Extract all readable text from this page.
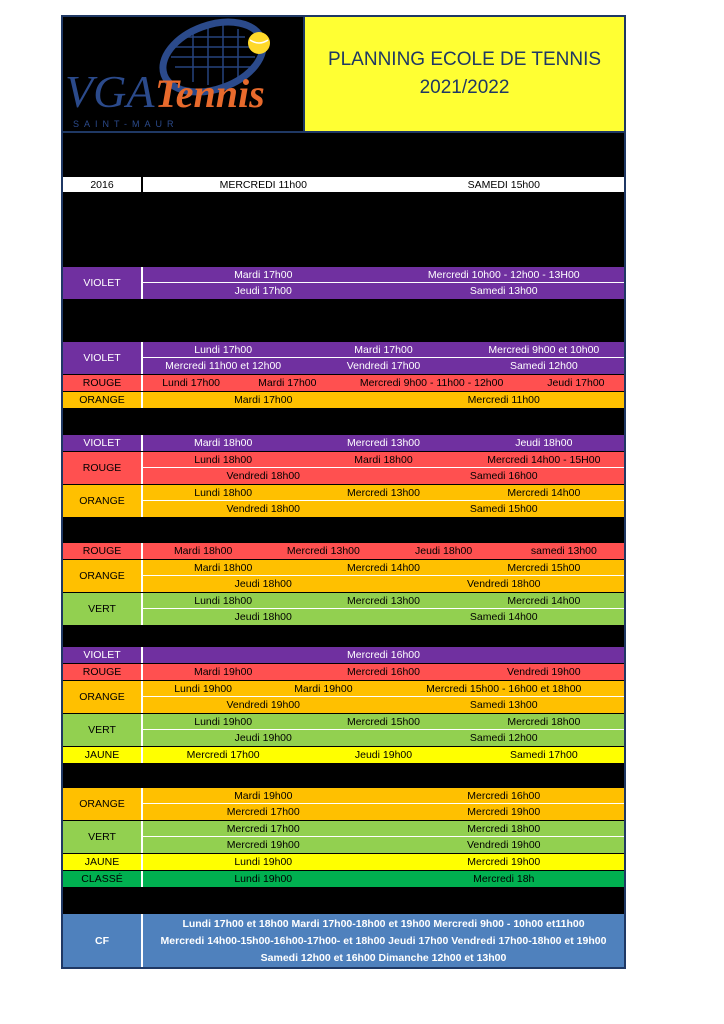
VGA Tennis
SAINT-MAUR
PLANNING ECOLE DE TENNIS
2021/2022
2016	MERCREDI 11h00	SAMEDI 15h00
VIOLET
Mardi 17h00	Mercredi 10h00 - 12h00 - 13H00
Jeudi 17h00	Samedi 13h00
VIOLET
Lundi 17h00	Mardi 17h00	Mercredi 9h00 et 10h00
Mercredi 11h00 et 12h00	Vendredi 17h00	Samedi 12h00
ROUGE	Lundi 17h00	Mardi 17h00	Mercredi 9h00 - 11h00 - 12h00	Jeudi 17h00
ORANGE	Mardi 17h00	Mercredi 11h00
VIOLET	Mardi 18h00	Mercredi 13h00	Jeudi 18h00
ROUGE
Lundi 18h00	Mardi 18h00	Mercredi 14h00 - 15H00
Vendredi 18h00	Samedi 16h00
ORANGE
Lundi 18h00	Mercredi 13h00	Mercredi 14h00
Vendredi 18h00	Samedi 15h00
ROUGE	Mardi 18h00	Mercredi 13h00	Jeudi 18h00	samedi 13h00
ORANGE
Mardi 18h00	Mercredi 14h00	Mercredi 15h00
Jeudi 18h00	Vendredi 18h00
VERT
Lundi 18h00	Mercredi 13h00	Mercredi 14h00
Jeudi 18h00	Samedi 14h00
VIOLET	Mercredi 16h00
ROUGE	Mardi 19h00	Mercredi 16h00	Vendredi 19h00
ORANGE
Lundi 19h00	Mardi 19h00	Mercredi 15h00 - 16h00 et 18h00
Vendredi 19h00	Samedi 13h00
VERT
Lundi 19h00	Mercredi 15h00	Mercredi 18h00
Jeudi 19h00	Samedi 12h00
JAUNE	Mercredi 17h00	Jeudi 19h00	Samedi 17h00
ORANGE
Mardi 19h00	Mercredi 16h00
Mercredi 17h00	Mercredi 19h00
VERT
Mercredi 17h00	Mercredi 18h00
Mercredi 19h00	Vendredi 19h00
JAUNE	Lundi 19h00	Mercredi 19h00
CLASSÉ	Lundi 19h00	Mercredi 18h
CF
Lundi 17h00 et 18h00 Mardi 17h00-18h00 et 19h00 Mercredi 9h00 - 10h00 et11h00
Mercredi 14h00-15h00-16h00-17h00- et 18h00 Jeudi 17h00 Vendredi 17h00-18h00 et 19h00
Samedi 12h00 et 16h00 Dimanche 12h00 et 13h00
